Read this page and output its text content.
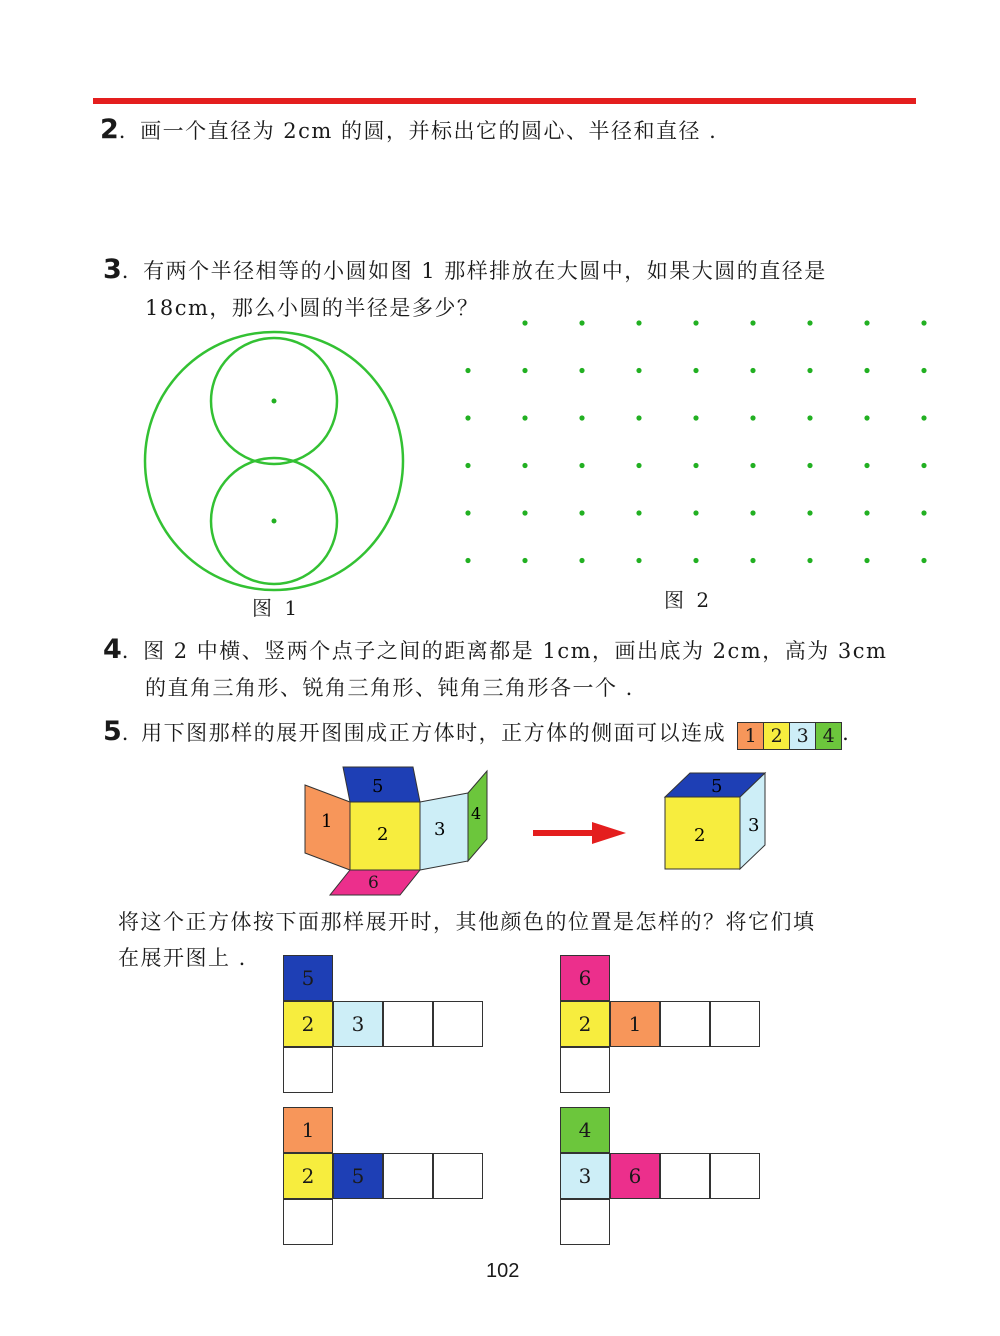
2. 画一个直径为 2cm 的圆，并标出它的圆心、半径和直径 .
3. 有两个半径相等的小圆如图 1 那样排放在大圆中，如果大圆的直径是
18cm，那么小圆的半径是多少？
图 1	图 2
4. 图 2 中横、竖两个点子之间的距离都是 1cm，画出底为 2cm，高为 3cm
的直角三角形、锐角三角形、钝角三角形各一个 .
5. 用下图那样的展开图围成正方体时，正方体的侧面可以连成 1 2 3 4 .
1
5
2	3
4
6
5
2 3
将这个正方体按下面那样展开时，其他颜色的位置是怎样的？将它们填
在展开图上 .
5
2	3
6
2	1
1
2	5
4
3	6
102
